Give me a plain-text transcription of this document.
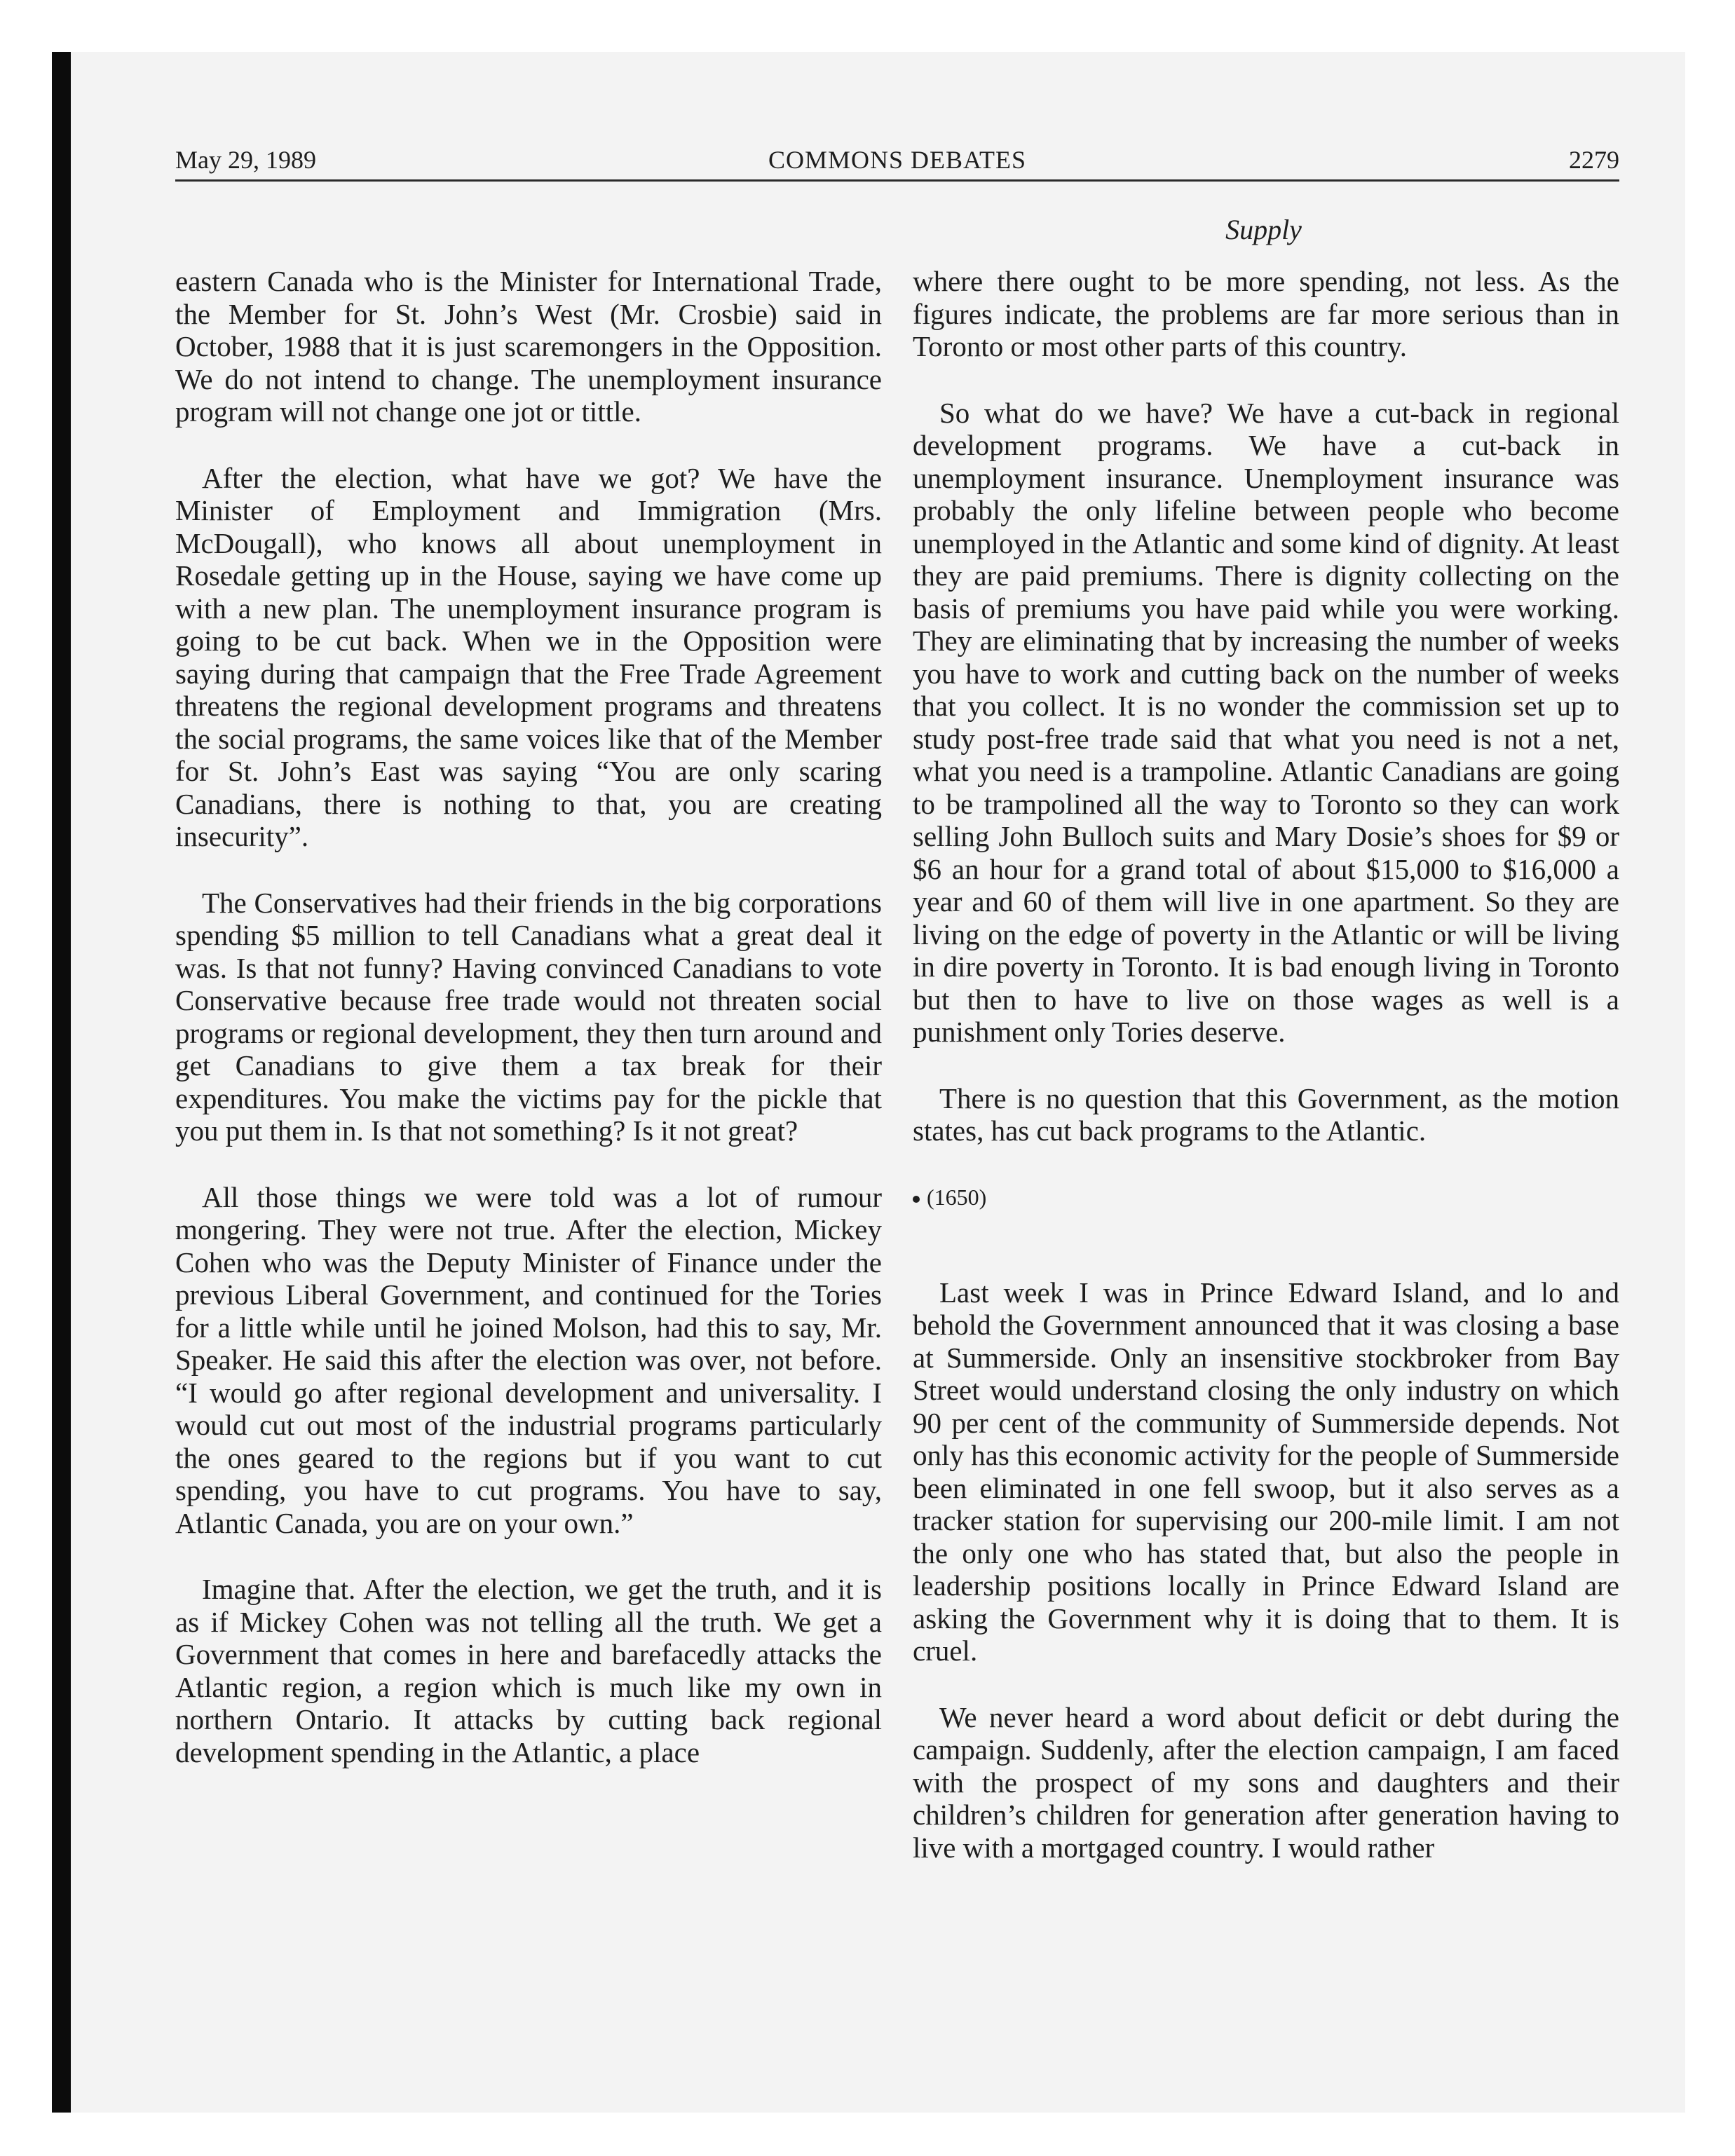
May 29, 1989	COMMONS DEBATES	2279
Supply

eastern Canada who is the Minister for International Trade, the Member for St. John’s West (Mr. Crosbie) said in October, 1988 that it is just scaremongers in the Opposition. We do not intend to change. The unemployment insurance program will not change one jot or tittle.

After the election, what have we got? We have the Minister of Employment and Immigration (Mrs. McDougall), who knows all about unemployment in Rosedale getting up in the House, saying we have come up with a new plan. The unemployment insurance program is going to be cut back. When we in the Opposition were saying during that campaign that the Free Trade Agreement threatens the regional development programs and threatens the social programs, the same voices like that of the Member for St. John’s East was saying “You are only scaring Canadians, there is nothing to that, you are creating insecurity”.

The Conservatives had their friends in the big corporations spending $5 million to tell Canadians what a great deal it was. Is that not funny? Having convinced Canadians to vote Conservative because free trade would not threaten social programs or regional development, they then turn around and get Canadians to give them a tax break for their expenditures. You make the victims pay for the pickle that you put them in. Is that not something? Is it not great?

All those things we were told was a lot of rumour mongering. They were not true. After the election, Mickey Cohen who was the Deputy Minister of Finance under the previous Liberal Government, and continued for the Tories for a little while until he joined Molson, had this to say, Mr. Speaker. He said this after the election was over, not before. “I would go after regional development and universality. I would cut out most of the industrial programs particularly the ones geared to the regions but if you want to cut spending, you have to cut programs. You have to say, Atlantic Canada, you are on your own.”

Imagine that. After the election, we get the truth, and it is as if Mickey Cohen was not telling all the truth. We get a Government that comes in here and barefacedly attacks the Atlantic region, a region which is much like my own in northern Ontario. It attacks by cutting back regional development spending in the Atlantic, a place

where there ought to be more spending, not less. As the figures indicate, the problems are far more serious than in Toronto or most other parts of this country.

So what do we have? We have a cut-back in regional development programs. We have a cut-back in unemployment insurance. Unemployment insurance was probably the only lifeline between people who become unemployed in the Atlantic and some kind of dignity. At least they are paid premiums. There is dignity collecting on the basis of premiums you have paid while you were working. They are eliminating that by increasing the number of weeks you have to work and cutting back on the number of weeks that you collect. It is no wonder the commission set up to study post-free trade said that what you need is not a net, what you need is a trampoline. Atlantic Canadians are going to be trampolined all the way to Toronto so they can work selling John Bulloch suits and Mary Dosie’s shoes for $9 or $6 an hour for a grand total of about $15,000 to $16,000 a year and 60 of them will live in one apartment. So they are living on the edge of poverty in the Atlantic or will be living in dire poverty in Toronto. It is bad enough living in Toronto but then to have to live on those wages as well is a punishment only Tories deserve.

There is no question that this Government, as the motion states, has cut back programs to the Atlantic.

(1650)

Last week I was in Prince Edward Island, and lo and behold the Government announced that it was closing a base at Summerside. Only an insensitive stockbroker from Bay Street would understand closing the only industry on which 90 per cent of the community of Summerside depends. Not only has this economic activity for the people of Summerside been eliminated in one fell swoop, but it also serves as a tracker station for supervising our 200-mile limit. I am not the only one who has stated that, but also the people in leadership positions locally in Prince Edward Island are asking the Government why it is doing that to them. It is cruel.

We never heard a word about deficit or debt during the campaign. Suddenly, after the election campaign, I am faced with the prospect of my sons and daughters and their children’s children for generation after generation having to live with a mortgaged country. I would rather
